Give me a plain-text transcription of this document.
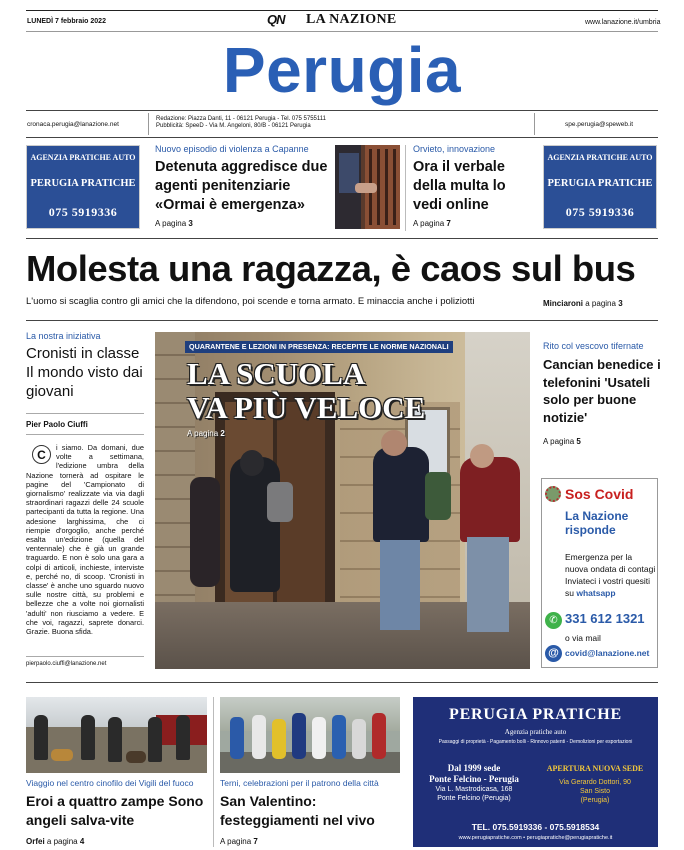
LUNEDÌ 7 febbraio 2022	QN LA NAZIONE	www.lanazione.it/umbria
Perugia
cronaca.perugia@lanazione.net
Redazione: Piazza Danti, 11 - 06121 Perugia - Tel. 075 5755111
Pubblicità: SpeeD - Via M. Angeloni, 80/B - 06121 Perugia	spe.perugia@speweb.it
AGENZIA PRATICHE AUTO
PERUGIA PRATICHE
075 5919336
Nuovo episodio di violenza a Capanne
Detenuta aggredisce due agenti penitenziarie «Ormai è emergenza»
A pagina 3
Orvieto, innovazione
Ora il verbale della multa lo vedi online
A pagina 7
AGENZIA PRATICHE AUTO
PERUGIA PRATICHE
075 5919336
Molesta una ragazza, è caos sul bus
L'uomo si scaglia contro gli amici che la difendono, poi scende e torna armato. E minaccia anche i poliziotti	Minciaroni a pagina 3
La nostra iniziativa
Cronisti in classe Il mondo visto dai giovani
Pier Paolo Ciuffi
C
i siamo. Da domani, due volte a settimana, l'edizione umbra della Nazione tornerà ad ospitare le pagine del 'Campionato di giornalismo' realizzate via via dagli straordinari ragazzi delle 24 scuole partecipanti da tutta la regione. Una adesione larghissima, che ci riempie d'orgoglio, anche perché esalta un'edizione (quella del ventennale) che è già un grande traguardo. E non è solo una gara a colpi di articoli, inchieste, interviste e, perché no, di scoop. 'Cronisti in classe' è anche uno sguardo nuovo sulle nostre città, su problemi e bellezze che a volte noi giornalisti 'adulti' non riusciamo a vedere. E che voi, ragazzi, saprete donarci. Grazie. Buona sfida.
pierpaolo.ciuffi@lanazione.net
QUARANTENE E LEZIONI IN PRESENZA: RECEPITE LE NORME NAZIONALI
LA SCUOLA
VA PIÙ VELOCE
A pagina 2
Rito col vescovo tifernate
Cancian benedice i telefonini 'Usateli solo per buone notizie'
A pagina 5
Sos Covid
La Nazione
risponde
Emergenza per la nuova ondata di contagi Inviateci i vostri quesiti su whatsapp
✆ 331 612 1321
o via mail
@ covid@lanazione.net
Viaggio nel centro cinofilo dei Vigili del fuoco
Eroi a quattro zampe Sono angeli salva-vite
Orfei a pagina 4
Terni, celebrazioni per il patrono della città
San Valentino: festeggiamenti nel vivo
A pagina 7
PERUGIA PRATICHE
Agenzia pratiche auto
Passaggi di proprietà - Pagamento bolli - Rinnovo patenti - Demolizioni per esportazioni
Dal 1999 sede
Ponte Felcino - Perugia
Via L. Mastrodicasa, 168
Ponte Felcino (Perugia)
APERTURA NUOVA SEDE
Via Gerardo Dottori, 90
San Sisto
(Perugia)
TEL. 075.5919336 - 075.5918534
www.perugiapratiche.com • perugiapratiche@perugiapratiche.it
